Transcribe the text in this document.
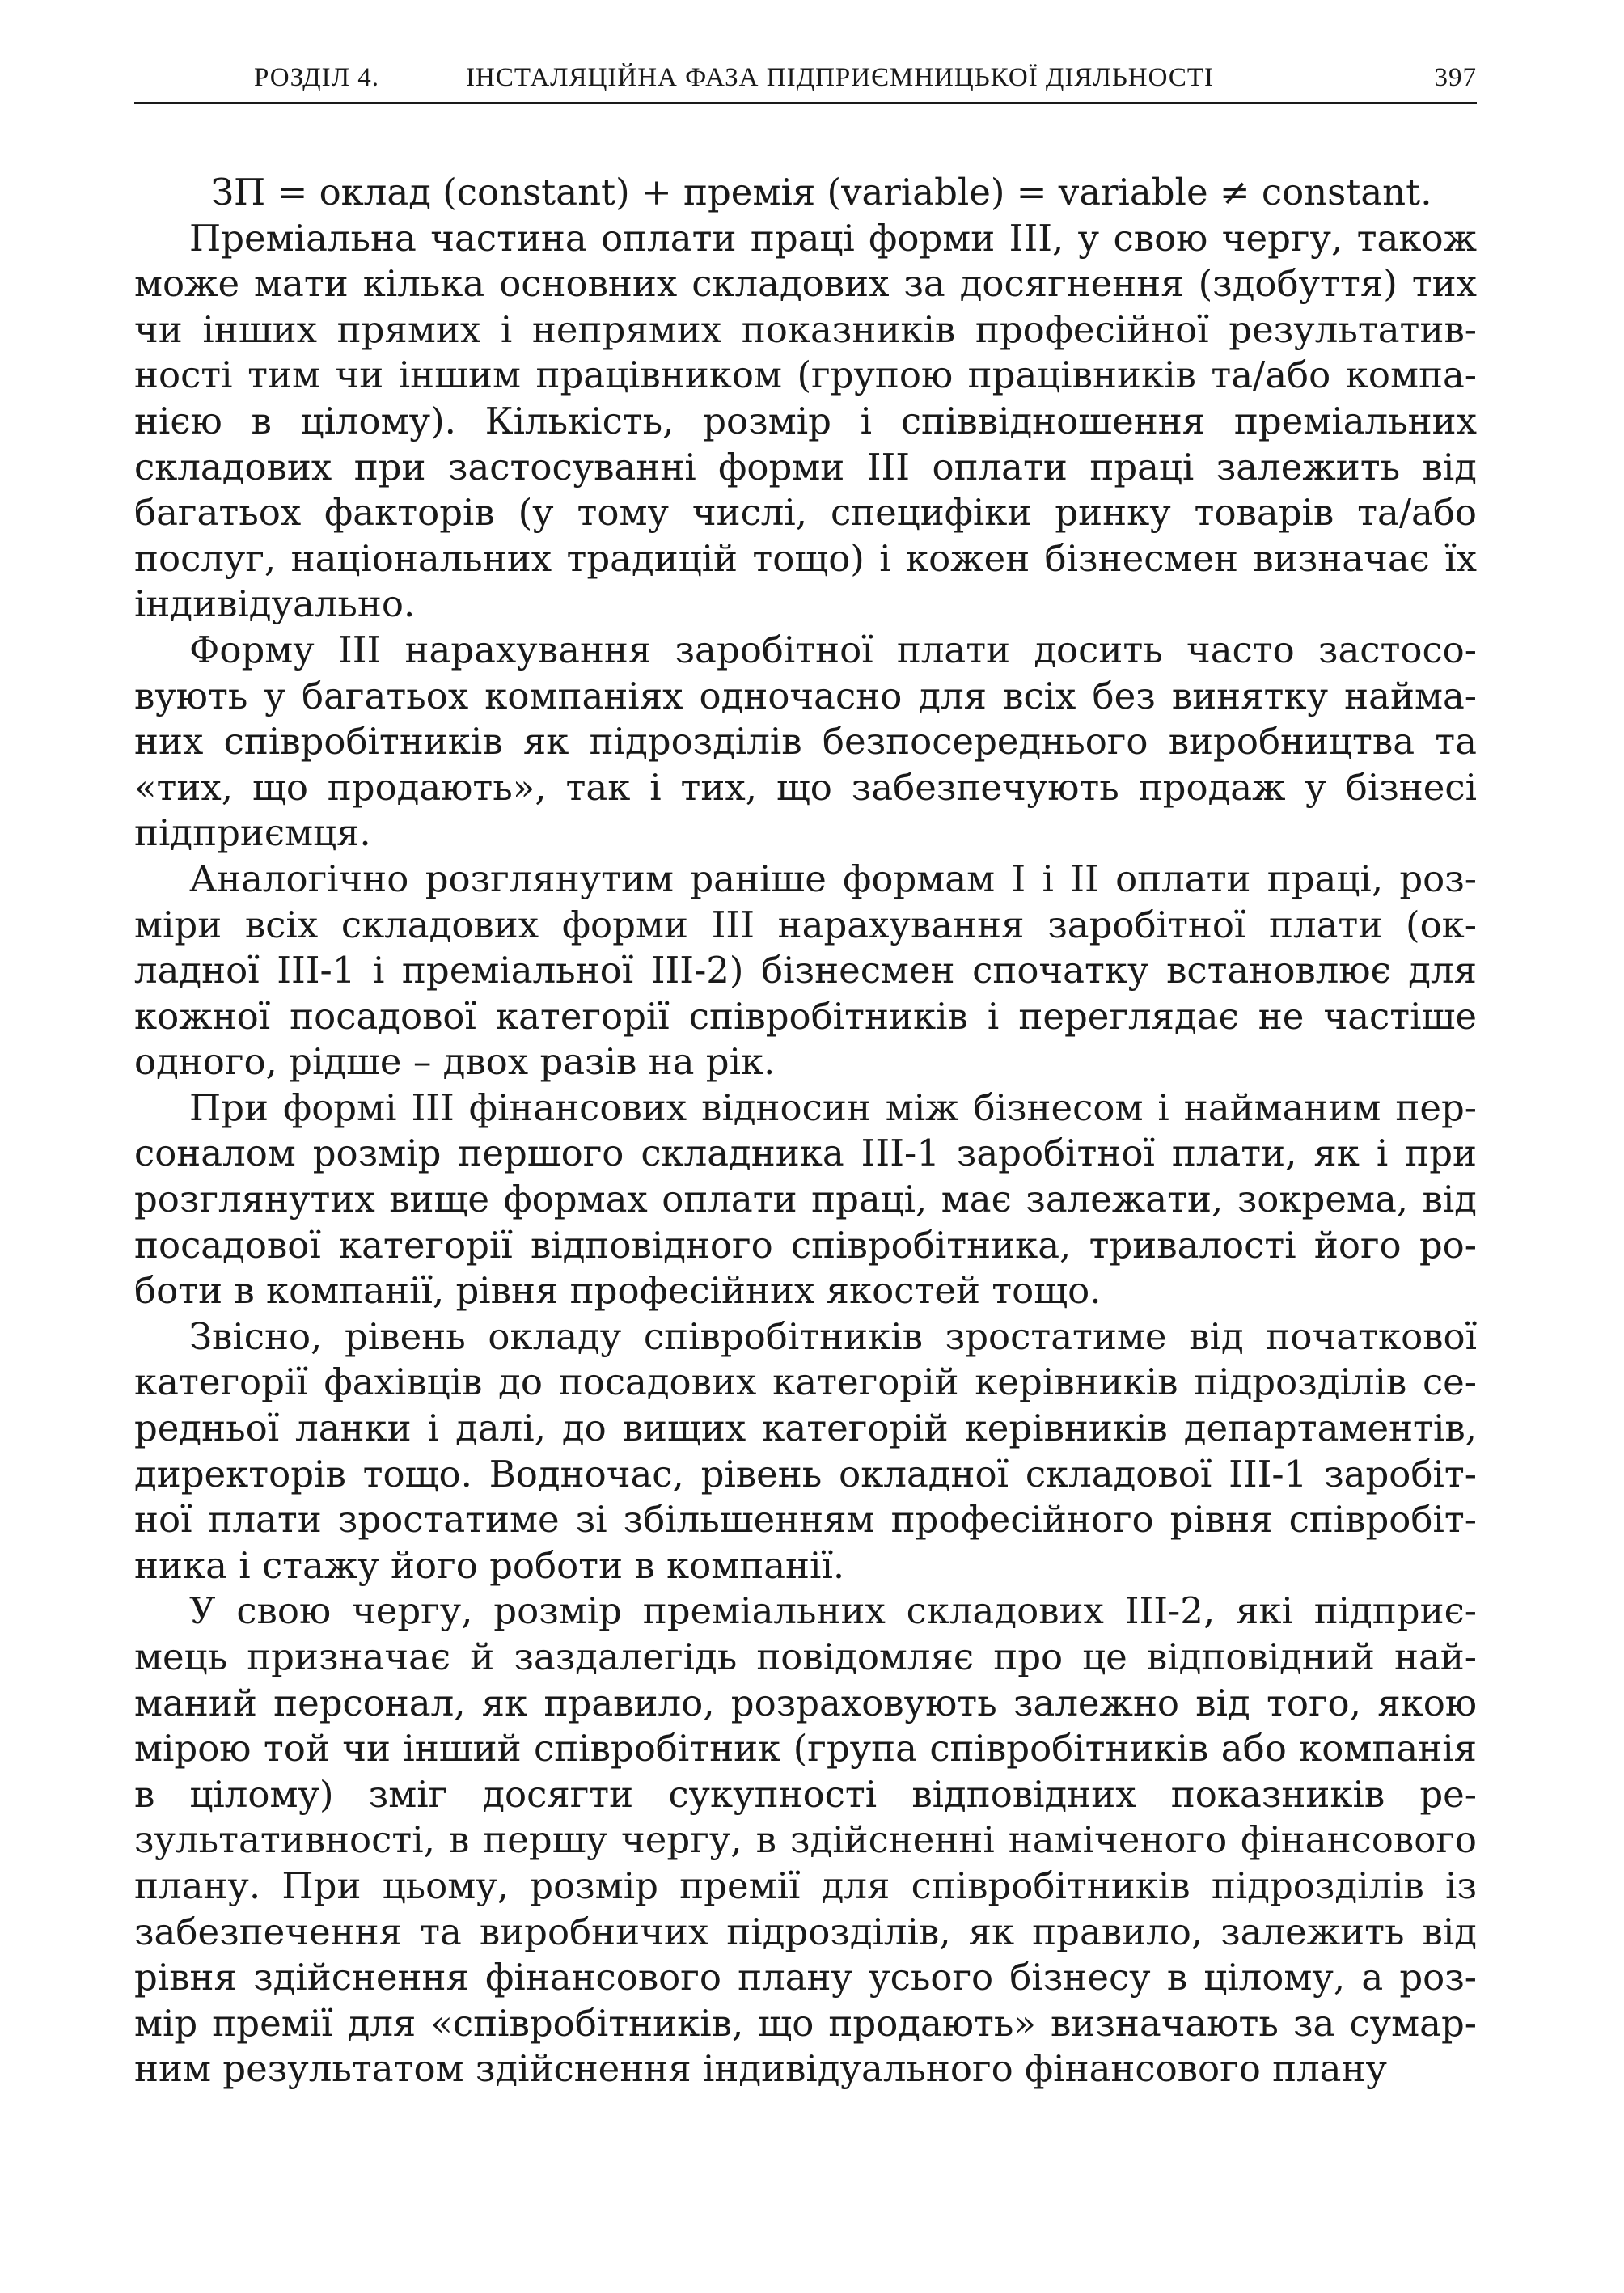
РОЗДІЛ 4.	ІНСТАЛЯЦІЙНА ФАЗА ПІДПРИЄМНИЦЬКОЇ ДІЯЛЬНОСТІ	397
ЗП = оклад (constant) + премія (variable) = variable ≠ constant.

Преміальна частина оплати праці форми III, у свою чергу, також може мати кілька основних складових за досягнення (здобуття) тих чи інших прямих і непрямих показників професійної результативності тим чи іншим працівником (групою працівників та/або компанією в цілому). Кількість, розмір і співвідношення преміальних складових при застосуванні форми III оплати праці залежить від багатьох факторів (у тому числі, специфіки ринку товарів та/або послуг, національних традицій тощо) і кожен бізнесмен визначає їх індивідуально.

Форму III нарахування заробітної плати досить часто застосовують у багатьох компаніях одночасно для всіх без винятку найманих співробітників як підрозділів безпосереднього виробництва та «тих, що продають», так і тих, що забезпечують продаж у бізнесі підприємця.

Аналогічно розглянутим раніше формам I і II оплати праці, розміри всіх складових форми III нарахування заробітної плати (окладної III-1 і преміальної III-2) бізнесмен спочатку встановлює для кожної посадової категорії співробітників і переглядає не частіше одного, рідше – двох разів на рік.

При формі III фінансових відносин між бізнесом і найманим персоналом розмір першого складника III-1 заробітної плати, як і при розглянутих вище формах оплати праці, має залежати, зокрема, від посадової категорії відповідного співробітника, тривалості його роботи в компанії, рівня професійних якостей тощо.

Звісно, рівень окладу співробітників зростатиме від початкової категорії фахівців до посадових категорій керівників підрозділів середньої ланки і далі, до вищих категорій керівників департаментів, директорів тощо. Водночас, рівень окладної складової III-1 заробітної плати зростатиме зі збільшенням професійного рівня співробітника і стажу його роботи в компанії.

У свою чергу, розмір преміальних складових III-2, які підприємець призначає й заздалегідь повідомляє про це відповідний найманий персонал, як правило, розраховують залежно від того, якою мірою той чи інший співробітник (група співробітників або компанія в цілому) зміг досягти сукупності відповідних показників результативності, в першу чергу, в здійсненні наміченого фінансового плану. При цьому, розмір премії для співробітників підрозділів із забезпечення та виробничих підрозділів, як правило, залежить від рівня здійснення фінансового плану усього бізнесу в цілому, а розмір премії для «співробітників, що продають» визначають за сумарним результатом здійснення індивідуального фінансового плану
